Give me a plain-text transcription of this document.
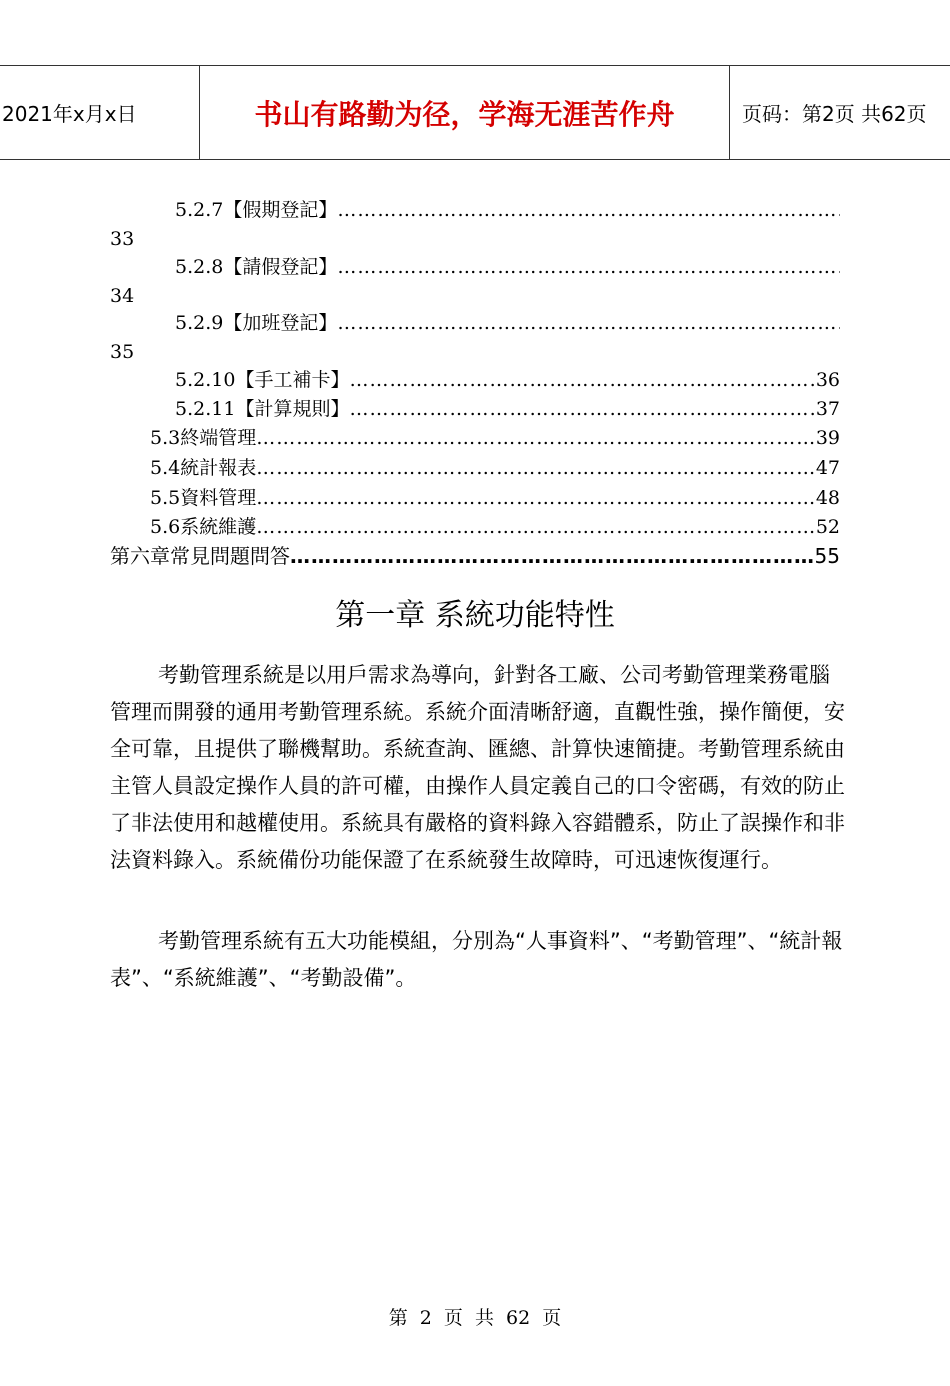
2021年x月x日	书山有路勤为径，学海无涯苦作舟	页码：第2页 共62页
5.2.7 【假期登記】
……………………………………………………………………………………………………………………………………………………
33
5.2.8 【請假登記】
……………………………………………………………………………………………………………………………………………………
34
5.2.9 【加班登記】
……………………………………………………………………………………………………………………………………………………
35
5.2.10 【手工補卡】 ……………………………………………………………………………………………………………………………………………………	36
5.2.11 【計算規則】 ……………………………………………………………………………………………………………………………………………………	37
5.3 終端管理 ……………………………………………………………………………………………………………………………………………………	39
5.4 統計報表 ……………………………………………………………………………………………………………………………………………………	47
5.5 資料管理 ……………………………………………………………………………………………………………………………………………………	48
5.6 系統維護 ……………………………………………………………………………………………………………………………………………………	52
第六章 常見問題問答 ……………………………………………………………………………………………………………………………………………………	55
第一章 系統功能特性
考勤管理系統是以用戶需求為導向，針對各工廠、公司考勤管理業務電腦管理而開發的通用考勤管理系統。系統介面清晰舒適，直觀性強，操作簡便，安全可靠，且提供了聯機幫助。系統查詢、匯總、計算快速簡捷。考勤管理系統由主管人員設定操作人員的許可權，由操作人員定義自己的口令密碼，有效的防止了非法使用和越權使用。系統具有嚴格的資料錄入容錯體系，防止了誤操作和非法資料錄入。系統備份功能保證了在系統發生故障時，可迅速恢復運行。
考勤管理系統有五大功能模組，分別為“人事資料”、“考勤管理”、“統計報表”、“系統維護”、“考勤設備”。
第 2 页 共 62 页
